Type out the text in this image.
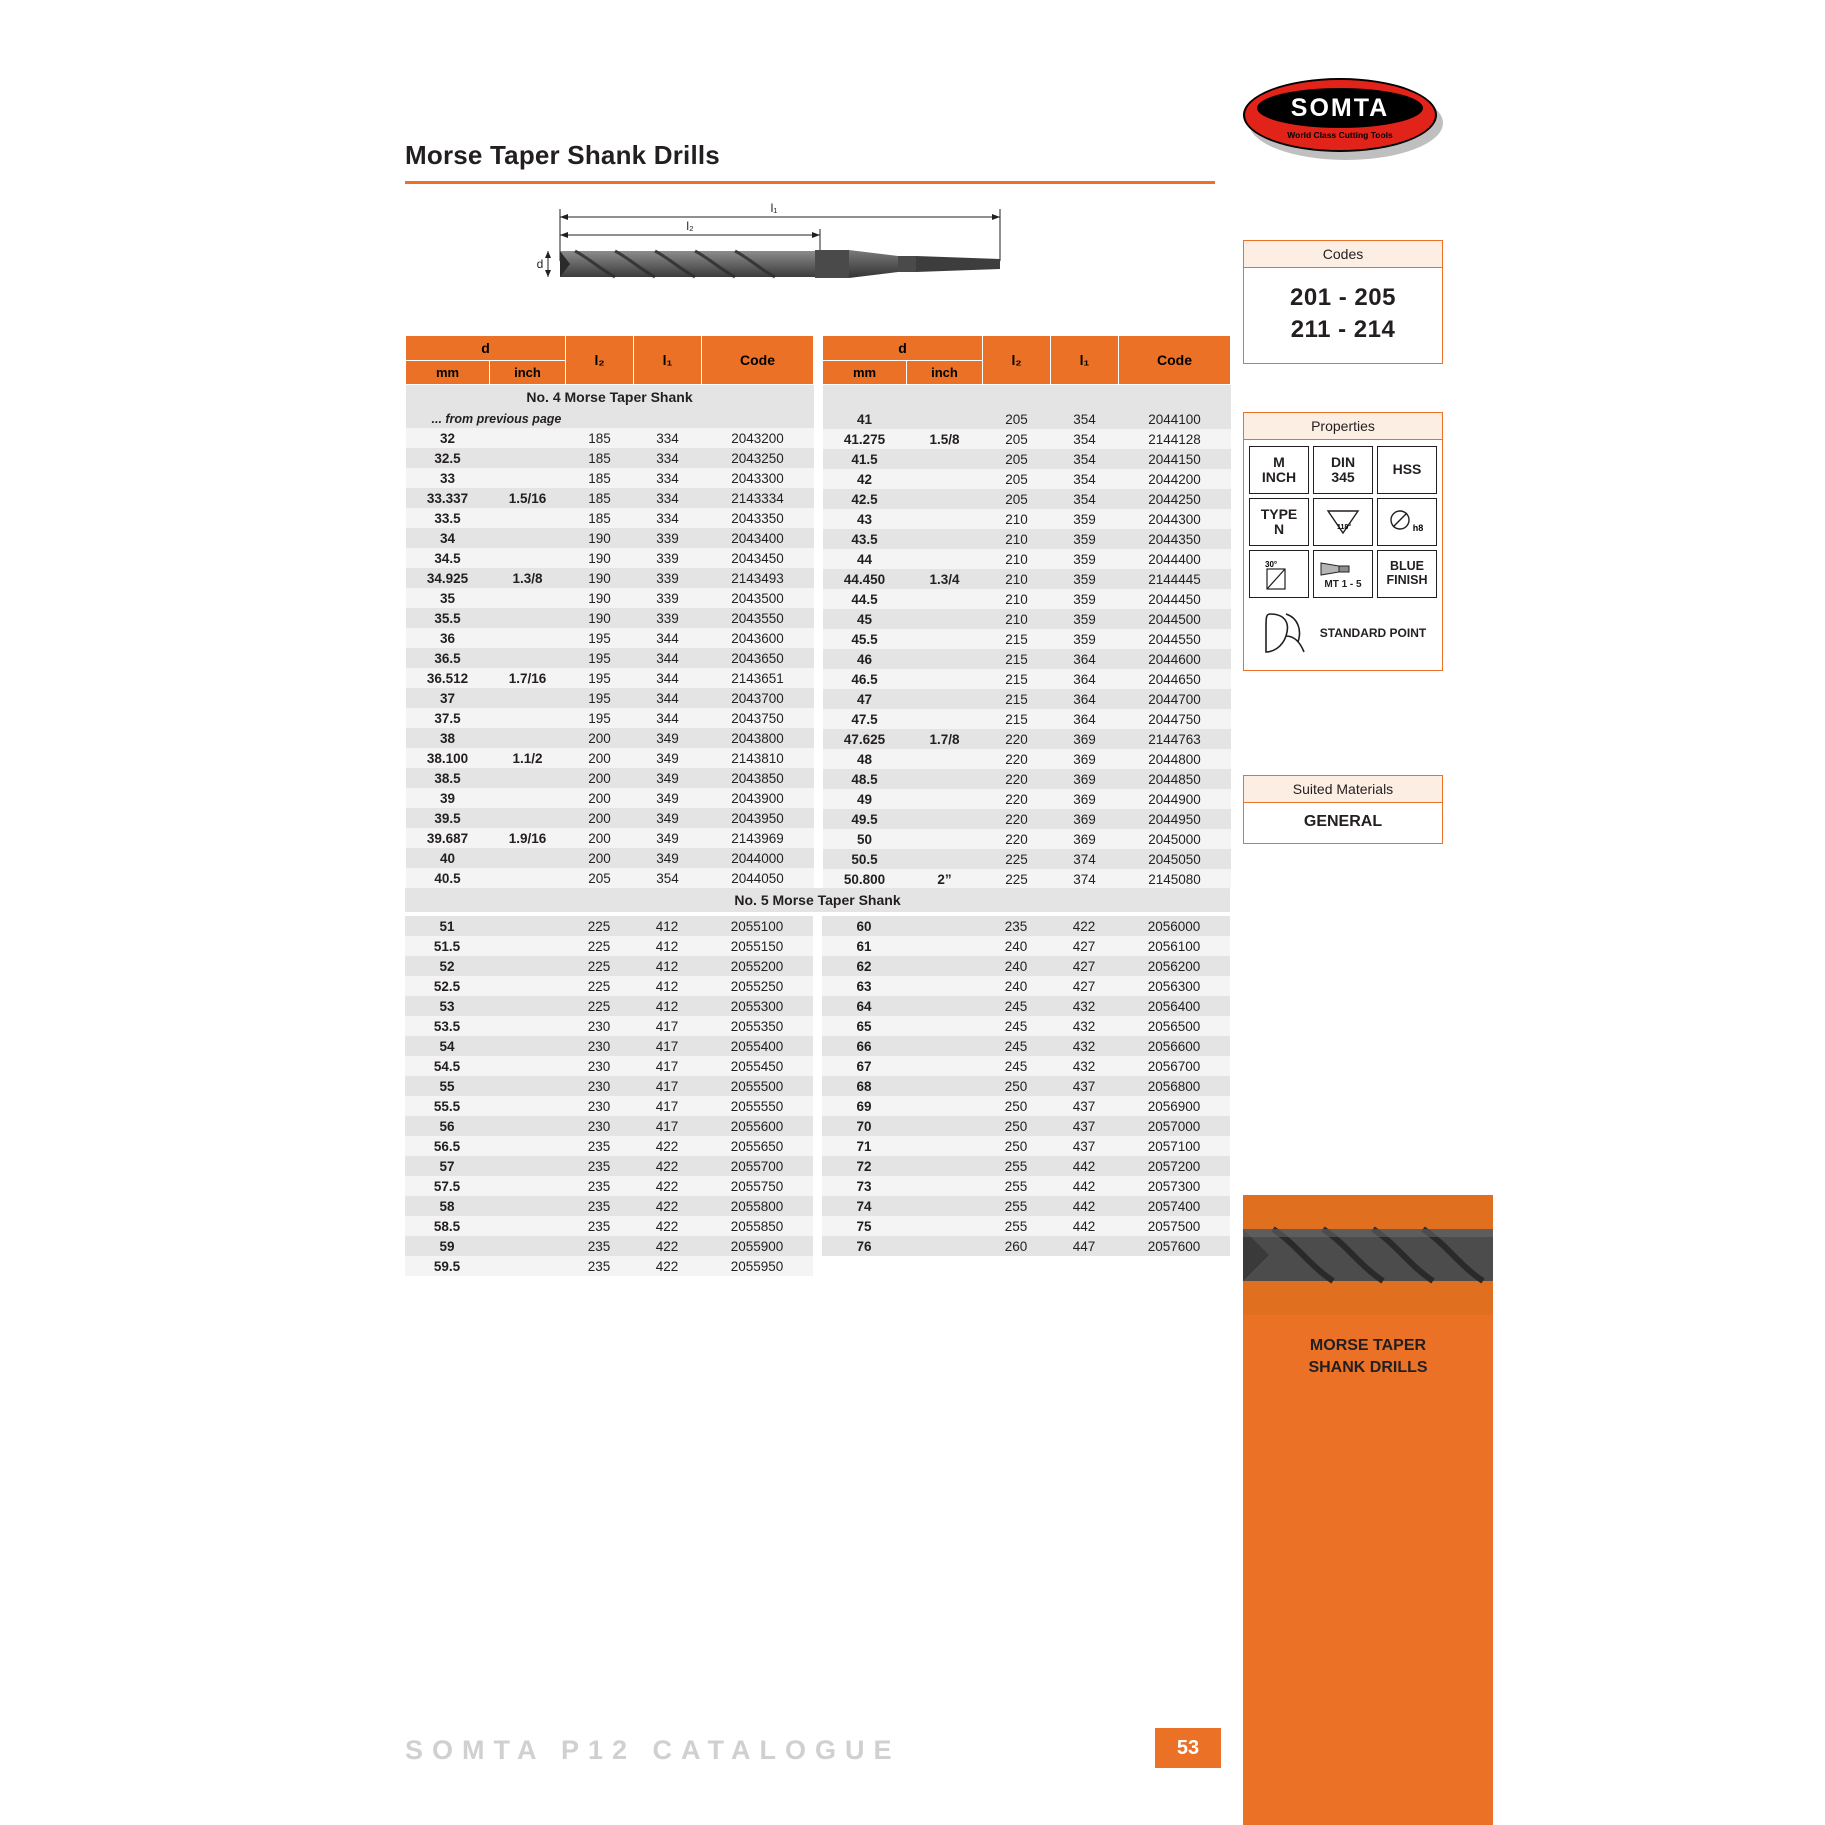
Morse Taper Shank Drills
SOMTA
World Class Cutting Tools
l₁
l₂
d
d		l₂	l₁	Code
mm	inch			
No. 4 Morse Taper Shank				
... from previous page				
32		185	334	2043200
32.5		185	334	2043250
33		185	334	2043300
33.337	1.5/16	185	334	2143334
33.5		185	334	2043350
34		190	339	2043400
34.5		190	339	2043450
34.925	1.3/8	190	339	2143493
35		190	339	2043500
35.5		190	339	2043550
36		195	344	2043600
36.5		195	344	2043650
36.512	1.7/16	195	344	2143651
37		195	344	2043700
37.5		195	344	2043750
38		200	349	2043800
38.100	1.1/2	200	349	2143810
38.5		200	349	2043850
39		200	349	2043900
39.5		200	349	2043950
39.687	1.9/16	200	349	2143969
40		200	349	2044000
40.5		205	354	2044050
d		l₂	l₁	Code
mm	inch			

41		205	354	2044100
41.275	1.5/8	205	354	2144128
41.5		205	354	2044150
42		205	354	2044200
42.5		205	354	2044250
43		210	359	2044300
43.5		210	359	2044350
44		210	359	2044400
44.450	1.3/4	210	359	2144445
44.5		210	359	2044450
45		210	359	2044500
45.5		215	359	2044550
46		215	364	2044600
46.5		215	364	2044650
47		215	364	2044700
47.5		215	364	2044750
47.625	1.7/8	220	369	2144763
48		220	369	2044800
48.5		220	369	2044850
49		220	369	2044900
49.5		220	369	2044950
50		220	369	2045000
50.5		225	374	2045050
50.800	2”	225	374	2145080
No. 5 Morse Taper Shank
51		225	412	2055100
51.5		225	412	2055150
52		225	412	2055200
52.5		225	412	2055250
53		225	412	2055300
53.5		230	417	2055350
54		230	417	2055400
54.5		230	417	2055450
55		230	417	2055500
55.5		230	417	2055550
56		230	417	2055600
56.5		235	422	2055650
57		235	422	2055700
57.5		235	422	2055750
58		235	422	2055800
58.5		235	422	2055850
59		235	422	2055900
59.5		235	422	2055950
60		235	422	2056000
61		240	427	2056100
62		240	427	2056200
63		240	427	2056300
64		245	432	2056400
65		245	432	2056500
66		245	432	2056600
67		245	432	2056700
68		250	437	2056800
69		250	437	2056900
70		250	437	2057000
71		250	437	2057100
72		255	442	2057200
73		255	442	2057300
74		255	442	2057400
75		255	442	2057500
76		260	447	2057600
Codes
201 - 205
211 - 214
Properties
M
INCH
DIN
345	HSS
TYPE
N	118°	h8
30°
MT 1 - 5
BLUE
FINISH
STANDARD POINT
Suited Materials
GENERAL
MORSE TAPER
SHANK DRILLS
SOMTA P12 CATALOGUE	53
